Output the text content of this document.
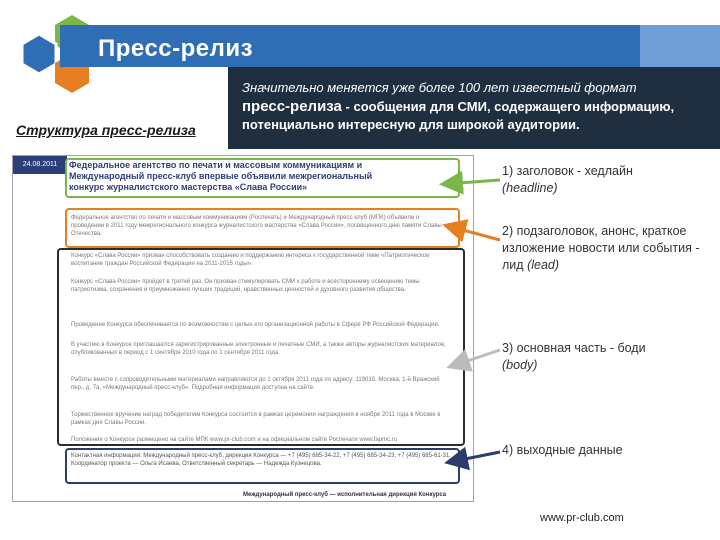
Пресс-релиз
Значительно меняется уже более 100 лет известный формат
пресс-релиза - сообщения для СМИ, содержащего информацию,
потенциально интересную для широкой аудитории.
Структура пресс-релиза
24.08.2011	Федеральное агентство по печати и массовым коммуникациям и Международный пресс-клуб впервые объявили межрегиональный конкурс журналистского мастерства «Слава России»
Федеральное агентство по печати и массовым коммуникациям (Роспечать) и Международный пресс-клуб (МПК) объявили о проведении в 2011 году межрегионального конкурса журналистского мастерства «Слава России», посвященного дню памяти Славы Отечества.
Конкурс «Слава России» призван способствовать созданию и поддержанию интереса к государственной теме «Патриотическое воспитание граждан Российской Федерации на 2011-2015 годы».
Конкурс «Слава России» пройдет в третий раз. Он призван стимулировать СМИ к работе и всестороннему освещению темы патриотизма, сохранения и приумножения лучших традиций, нравственных ценностей и духовного развития общества.
Проведение Конкурса обеспечивается по возможностям с целью его организационной работы в Сфере РФ Российской Федерации.
В участию в Конкурсе приглашаются зарегистрированные электронные и печатные СМИ, а также авторы журналистских материалов, опубликованных в период с 1 сентября 2010 года по 1 сентября 2011 года.
Работы вместе с сопроводительными материалами направляются до 1 октября 2011 года по адресу: 119019, Москва, 1-й Вражский пер., д. 7а, «Международный пресс-клуб». Подробная информация доступна на сайте.
Торжественное вручение наград победителям Конкурса состоится в рамках церемонии награждения в ноябре 2011 года в Москве в рамках дня Славы России.
Положение о Конкурсе размещено на сайте МПК www.pr-club.com и на официальном сайте Роспечати www.fapmc.ru
Контактная информация: Международный пресс-клуб, дирекция Конкурса — +7 (495) 685-34-22, +7 (495) 685-34-23, +7 (495) 685-61-31. Координатор проекта — Ольга Исаева, Ответственный секретарь — Надежда Кузнецова.
Международный пресс-клуб — исполнительная дирекция Конкурса
1) заголовок - хедлайн
(headline)
2) подзаголовок, анонс, краткое изложение новости или события - лид (lead)
3) основная часть - боди
(body)
4) выходные данные
www.pr-club.com
